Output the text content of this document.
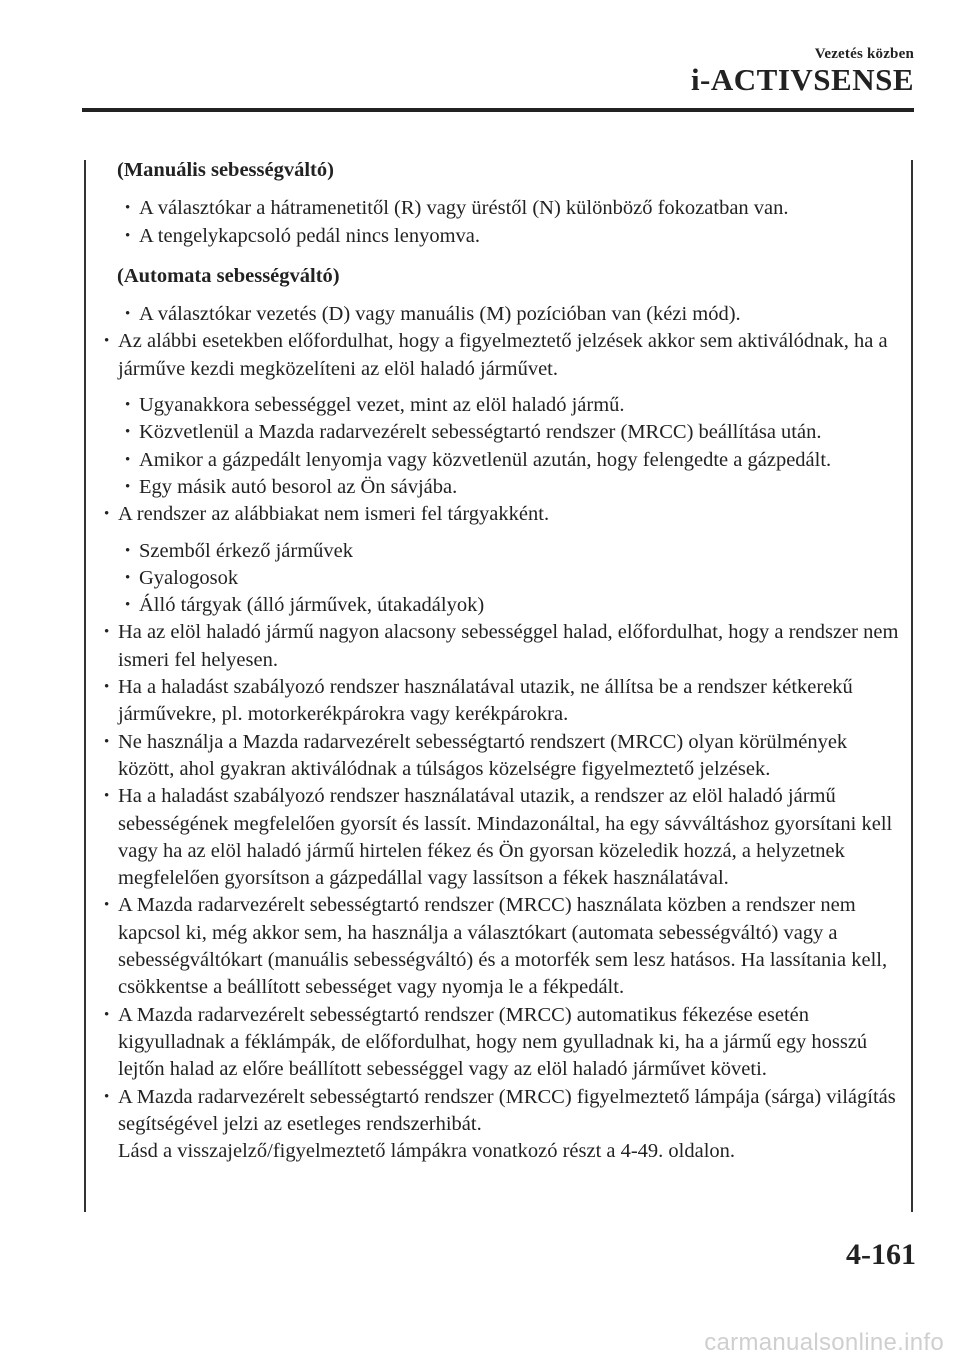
Vezetés közben
i-ACTIVSENSE
(Manuális sebességváltó)
• A választókar a hátramenetitől (R) vagy üréstől (N) különböző fokozatban van.
• A tengelykapcsoló pedál nincs lenyomva.
(Automata sebességváltó)
• A választókar vezetés (D) vagy manuális (M) pozícióban van (kézi mód).
• Az alábbi esetekben előfordulhat, hogy a figyelmeztető jelzések akkor sem aktiválódnak, ha a járműve kezdi megközelíteni az elöl haladó járművet.
• Ugyanakkora sebességgel vezet, mint az elöl haladó jármű.
• Közvetlenül a Mazda radarvezérelt sebességtartó rendszer (MRCC) beállítása után.
• Amikor a gázpedált lenyomja vagy közvetlenül azután, hogy felengedte a gázpedált.
• Egy másik autó besorol az Ön sávjába.
• A rendszer az alábbiakat nem ismeri fel tárgyakként.
• Szemből érkező járművek
• Gyalogosok
• Álló tárgyak (álló járművek, útakadályok)
• Ha az elöl haladó jármű nagyon alacsony sebességgel halad, előfordulhat, hogy a rendszer nem ismeri fel helyesen.
• Ha a haladást szabályozó rendszer használatával utazik, ne állítsa be a rendszer kétkerekű járművekre, pl. motorkerékpárokra vagy kerékpárokra.
• Ne használja a Mazda radarvezérelt sebességtartó rendszert (MRCC) olyan körülmények között, ahol gyakran aktiválódnak a túlságos közelségre figyelmeztető jelzések.
• Ha a haladást szabályozó rendszer használatával utazik, a rendszer az elöl haladó jármű sebességének megfelelően gyorsít és lassít. Mindazonáltal, ha egy sávváltáshoz gyorsítani kell vagy ha az elöl haladó jármű hirtelen fékez és Ön gyorsan közeledik hozzá, a helyzetnek megfelelően gyorsítson a gázpedállal vagy lassítson a fékek használatával.
• A Mazda radarvezérelt sebességtartó rendszer (MRCC) használata közben a rendszer nem kapcsol ki, még akkor sem, ha használja a választókart (automata sebességváltó) vagy a sebességváltókart (manuális sebességváltó) és a motorfék sem lesz hatásos. Ha lassítania kell, csökkentse a beállított sebességet vagy nyomja le a fékpedált.
• A Mazda radarvezérelt sebességtartó rendszer (MRCC) automatikus fékezése esetén kigyulladnak a féklámpák, de előfordulhat, hogy nem gyulladnak ki, ha a jármű egy hosszú lejtőn halad az előre beállított sebességgel vagy az elöl haladó járművet követi.
• A Mazda radarvezérelt sebességtartó rendszer (MRCC) figyelmeztető lámpája (sárga) világítás segítségével jelzi az esetleges rendszerhibát.
Lásd a visszajelző/figyelmeztető lámpákra vonatkozó részt a 4-49. oldalon.
4-161
carmanualsonline.info
